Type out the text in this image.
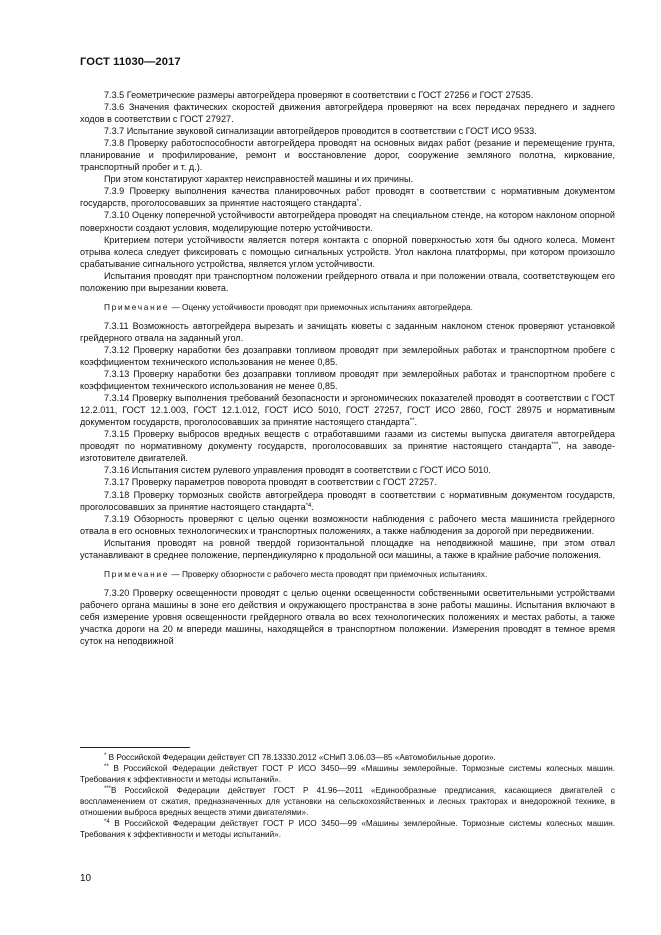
ГОСТ 11030—2017

7.3.5 Геометрические размеры автогрейдера проверяют в соответствии с ГОСТ 27256 и ГОСТ 27535.

7.3.6 Значения фактических скоростей движения автогрейдера проверяют на всех передачах переднего и заднего ходов в соответствии с ГОСТ 27927.

7.3.7 Испытание звуковой сигнализации автогрейдеров проводится в соответствии с ГОСТ ИСО 9533.

7.3.8 Проверку работоспособности автогрейдера проводят на основных видах работ (резание и перемещение грунта, планирование и профилирование, ремонт и восстановление дорог, сооружение земляного полотна, киркование, транспортный пробег и т. д.).

При этом констатируют характер неисправностей машины и их причины.

7.3.9 Проверку выполнения качества планировочных работ проводят в соответствии с нормативным документом государств, проголосовавших за принятие настоящего стандарта*.

7.3.10 Оценку поперечной устойчивости автогрейдера проводят на специальном стенде, на котором наклоном опорной поверхности создают условия, моделирующие потерю устойчивости.

Критерием потери устойчивости является потеря контакта с опорной поверхностью хотя бы одного колеса. Момент отрыва колеса следует фиксировать с помощью сигнальных устройств. Угол наклона платформы, при котором произошло срабатывание сигнального устройства, является углом устойчивости.

Испытания проводят при транспортном положении грейдерного отвала и при положении отвала, соответствующем его положению при вырезании кювета.

Примечание — Оценку устойчивости проводят при приемочных испытаниях автогрейдера.

7.3.11 Возможность автогрейдера вырезать и зачищать кюветы с заданным наклоном стенок проверяют установкой грейдерного отвала на заданный угол.

7.3.12 Проверку наработки без дозаправки топливом проводят при землеройных работах и транспортном пробеге с коэффициентом технического использования не менее 0,85.

7.3.13 Проверку наработки без дозаправки топливом проводят при землеройных работах и транспортном пробеге с коэффициентом технического использования не менее 0,85.

7.3.14 Проверку выполнения требований безопасности и эргономических показателей проводят в соответствии с ГОСТ 12.2.011, ГОСТ 12.1.003, ГОСТ 12.1.012, ГОСТ ИСО 5010, ГОСТ 27257, ГОСТ ИСО 2860, ГОСТ 28975 и нормативным документом государств, проголосовавших за принятие настоящего стандарта**.

7.3.15 Проверку выбросов вредных веществ с отработавшими газами из системы выпуска двигателя автогрейдера проводят по нормативному документу государств, проголосовавших за принятие настоящего стандарта***, на заводе-изготовителе двигателей.

7.3.16 Испытания систем рулевого управления проводят в соответствии с ГОСТ ИСО 5010.

7.3.17 Проверку параметров поворота проводят в соответствии с ГОСТ 27257.

7.3.18 Проверку тормозных свойств автогрейдера проводят в соответствии с нормативным документом государств, проголосовавших за принятие настоящего стандарта$^{*4}$.

7.3.19 Обзорность проверяют с целью оценки возможности наблюдения с рабочего места машиниста грейдерного отвала в его основных технологических и транспортных положениях, а также наблюдения за дорогой при передвижении.

Испытания проводят на ровной твердой горизонтальной площадке на неподвижной машине, при этом отвал устанавливают в среднее положение, перпендикулярно к продольной оси машины, а также в крайние рабочие положения.

Примечание — Проверку обзорности с рабочего места проводят при приемочных испытаниях.

7.3.20 Проверку освещенности проводят с целью оценки освещенности собственными осветительными устройствами рабочего органа машины в зоне его действия и окружающего пространства в зоне работы машины. Испытания включают в себя измерение уровня освещенности грейдерного отвала во всех технологических положениях и местах работы, а также участка дороги на 20 м впереди машины, находящейся в транспортном положении. Измерения проводят в темное время суток на неподвижной

* В Российской Федерации действует СП 78.13330.2012 «СНиП 3.06.03—85 «Автомобильные дороги».

** В Российской Федерации действует ГОСТ Р ИСО 3450—99 «Машины землеройные. Тормозные системы колесных машин. Требования к эффективности и методы испытаний».

***В Российской Федерации действует ГОСТ Р 41.96—2011 «Единообразные предписания, касающиеся двигателей с воспламенением от сжатия, предназначенных для установки на сельскохозяйственных и лесных тракторах и внедорожной технике, в отношении выброса вредных веществ этими двигателями».

$^{*4}$ В Российской Федерации действует ГОСТ Р ИСО 3450—99 «Машины землеройные. Тормозные системы колесных машин. Требования к эффективности и методы испытаний».

10
